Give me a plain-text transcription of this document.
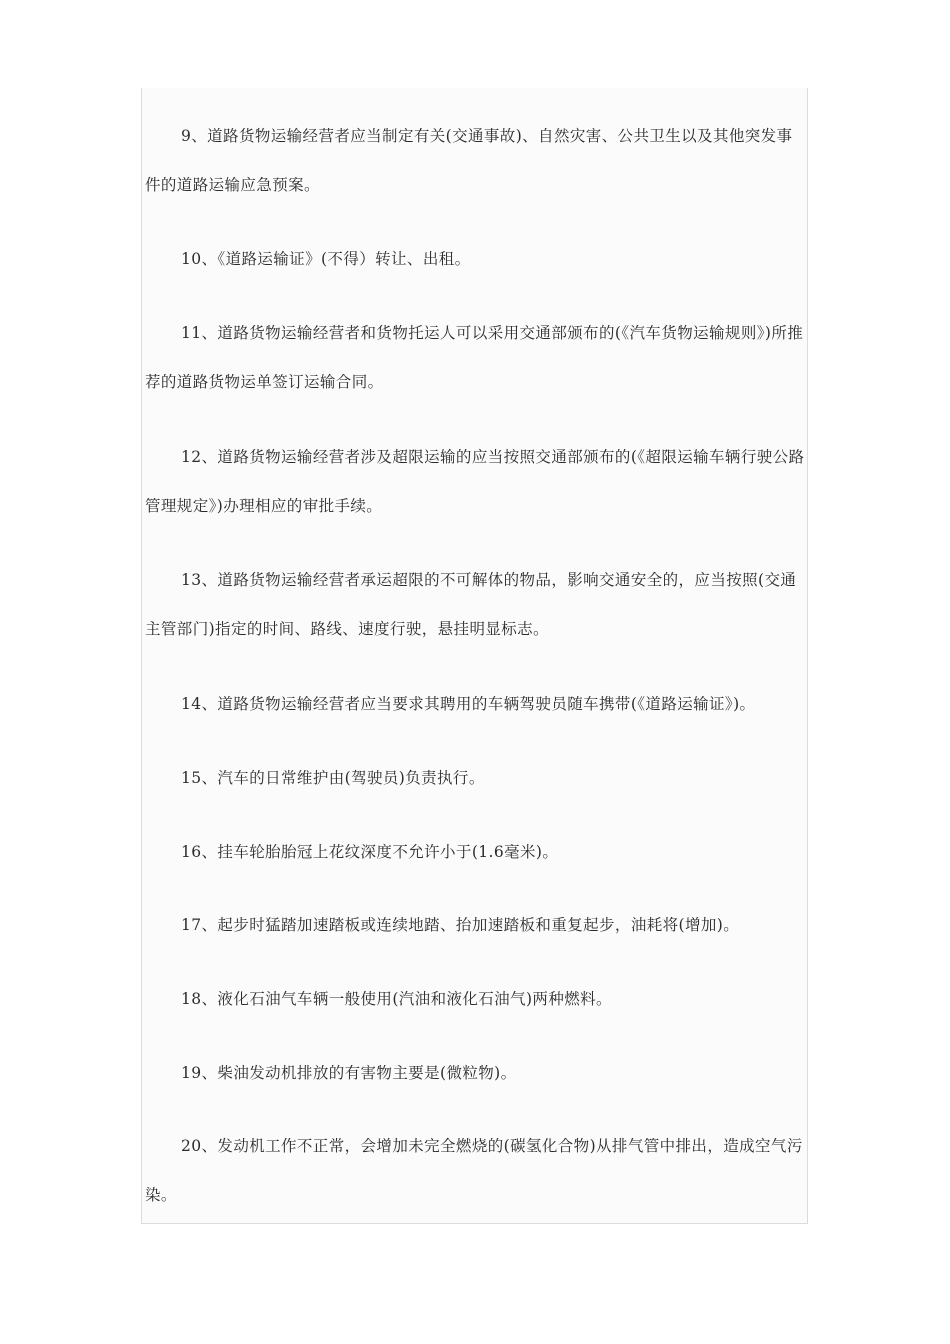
9、道路货物运输经营者应当制定有关(交通事故)、自然灾害、公共卫生以及其他突发事件的道路运输应急预案。

10、《道路运输证》(不得）转让、出租。

11、道路货物运输经营者和货物托运人可以采用交通部颁布的(《汽车货物运输规则》)所推荐的道路货物运单签订运输合同。

12、道路货物运输经营者涉及超限运输的应当按照交通部颁布的(《超限运输车辆行驶公路管理规定》)办理相应的审批手续。

13、道路货物运输经营者承运超限的不可解体的物品，影响交通安全的，应当按照(交通主管部门)指定的时间、路线、速度行驶，悬挂明显标志。

14、道路货物运输经营者应当要求其聘用的车辆驾驶员随车携带(《道路运输证》)。

15、汽车的日常维护由(驾驶员)负责执行。

16、挂车轮胎胎冠上花纹深度不允许小于(1.6毫米)。

17、起步时猛踏加速踏板或连续地踏、抬加速踏板和重复起步，油耗将(增加)。

18、液化石油气车辆一般使用(汽油和液化石油气)两种燃料。

19、柴油发动机排放的有害物主要是(微粒物)。

20、发动机工作不正常，会增加未完全燃烧的(碳氢化合物)从排气管中排出，造成空气污染。
